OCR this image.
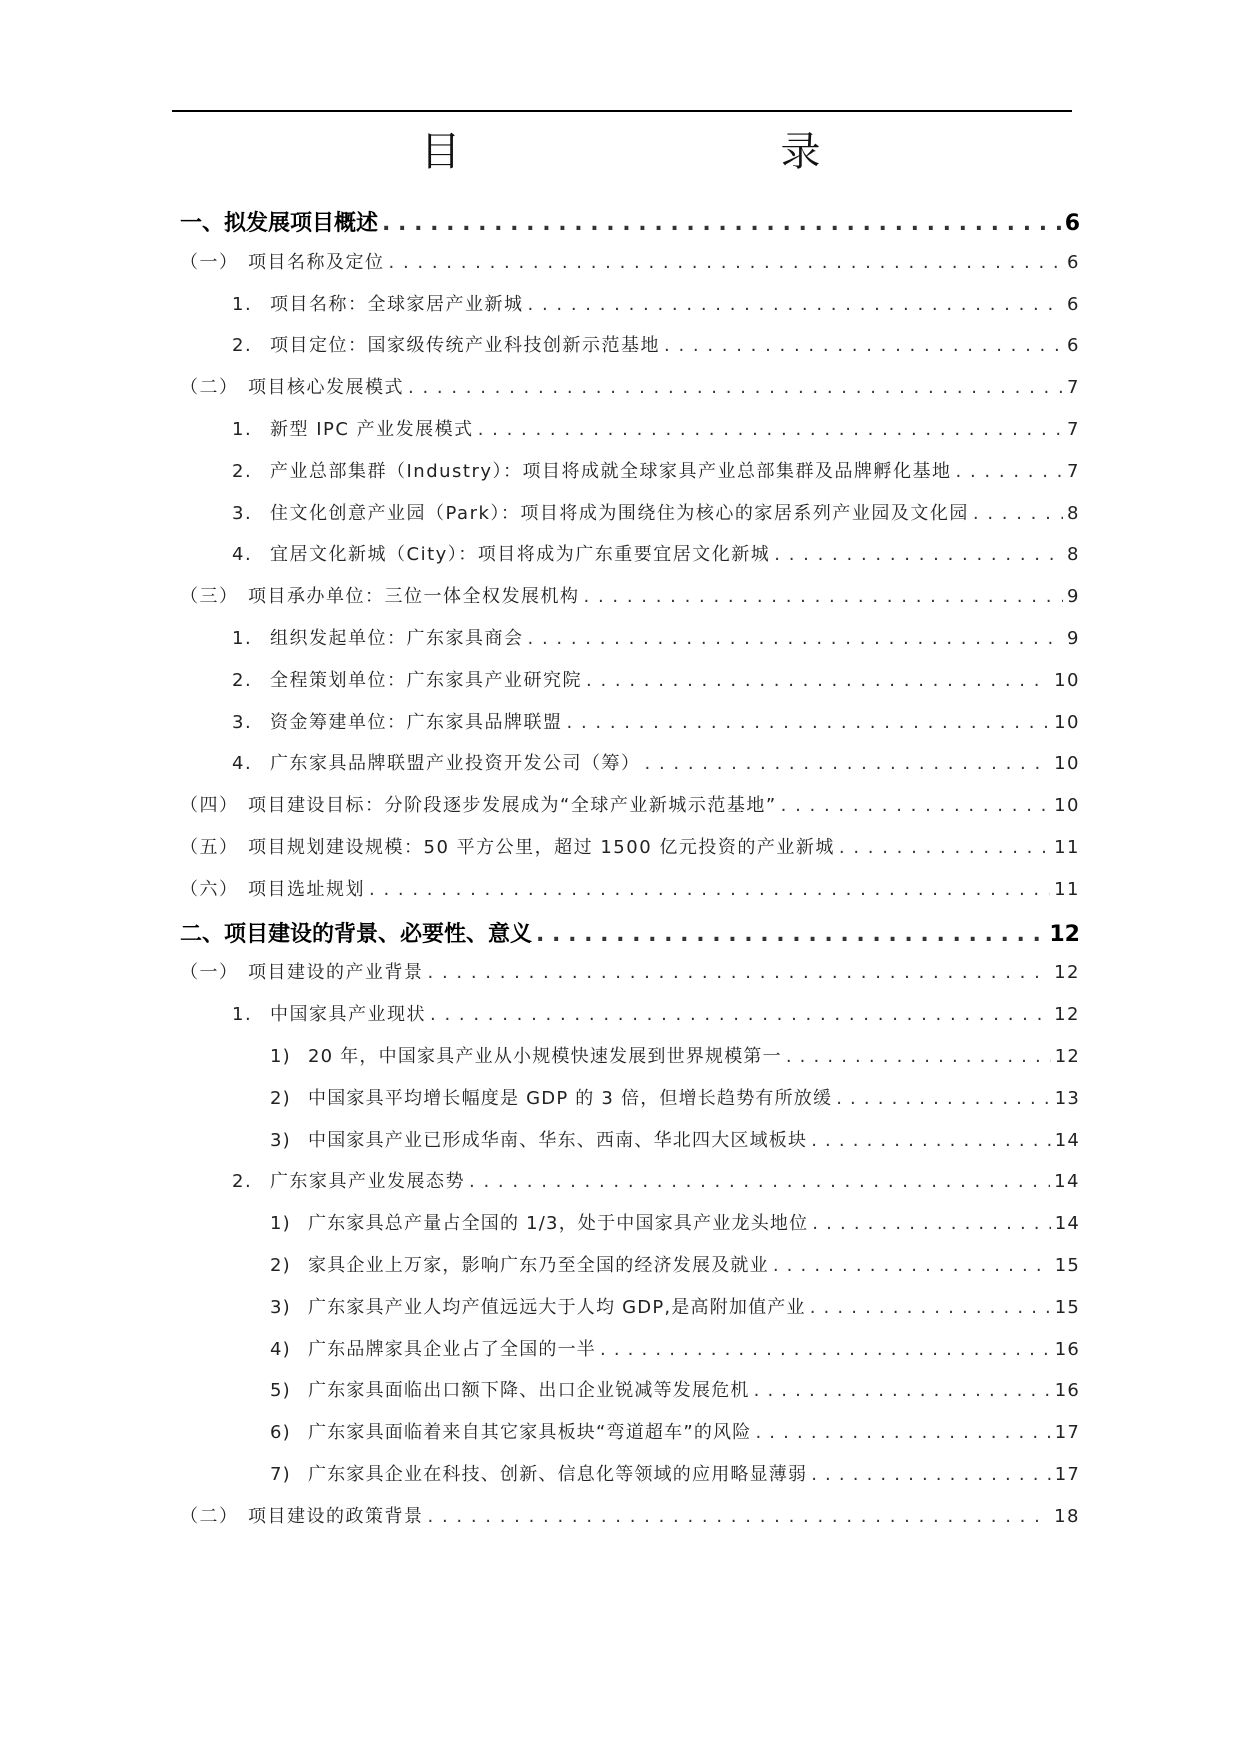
目　　录
一、拟发展项目概述 . . .	6
（一） 项目名称及定位 . . .	6
1. 项目名称：全球家居产业新城 . . .	6
2. 项目定位：国家级传统产业科技创新示范基地 . . .	6
（二） 项目核心发展模式 . . .	7
1. 新型 IPC 产业发展模式 . . .	7
2. 产业总部集群（Industry）：项目将成就全球家具产业总部集群及品牌孵化基地 . . .	7
3. 住文化创意产业园（Park）：项目将成为围绕住为核心的家居系列产业园及文化园 . . .	8
4. 宜居文化新城（City）：项目将成为广东重要宜居文化新城 . . .	8
（三） 项目承办单位：三位一体全权发展机构 . . .	9
1. 组织发起单位：广东家具商会 . . .	9
2. 全程策划单位：广东家具产业研究院 . . .	10
3. 资金筹建单位：广东家具品牌联盟 . . .	10
4. 广东家具品牌联盟产业投资开发公司（筹） . . .	10
（四） 项目建设目标：分阶段逐步发展成为“全球产业新城示范基地” . . .	10
（五） 项目规划建设规模：50 平方公里，超过 1500 亿元投资的产业新城 . . .	11
（六） 项目选址规划 . . .	11
二、项目建设的背景、必要性、意义 . . .	12
（一） 项目建设的产业背景 . . .	12
1. 中国家具产业现状 . . .	12
1) 20 年，中国家具产业从小规模快速发展到世界规模第一 . . .	12
2) 中国家具平均增长幅度是 GDP 的 3 倍，但增长趋势有所放缓 . . .	13
3) 中国家具产业已形成华南、华东、西南、华北四大区域板块 . . .	14
2. 广东家具产业发展态势 . . .	14
1) 广东家具总产量占全国的 1/3，处于中国家具产业龙头地位 . . .	14
2) 家具企业上万家，影响广东乃至全国的经济发展及就业 . . .	15
3) 广东家具产业人均产值远远大于人均 GDP,是高附加值产业 . . .	15
4) 广东品牌家具企业占了全国的一半 . . .	16
5) 广东家具面临出口额下降、出口企业锐减等发展危机 . . .	16
6) 广东家具面临着来自其它家具板块“弯道超车”的风险 . . .	17
7) 广东家具企业在科技、创新、信息化等领域的应用略显薄弱 . . .	17
（二） 项目建设的政策背景 . . .	18
